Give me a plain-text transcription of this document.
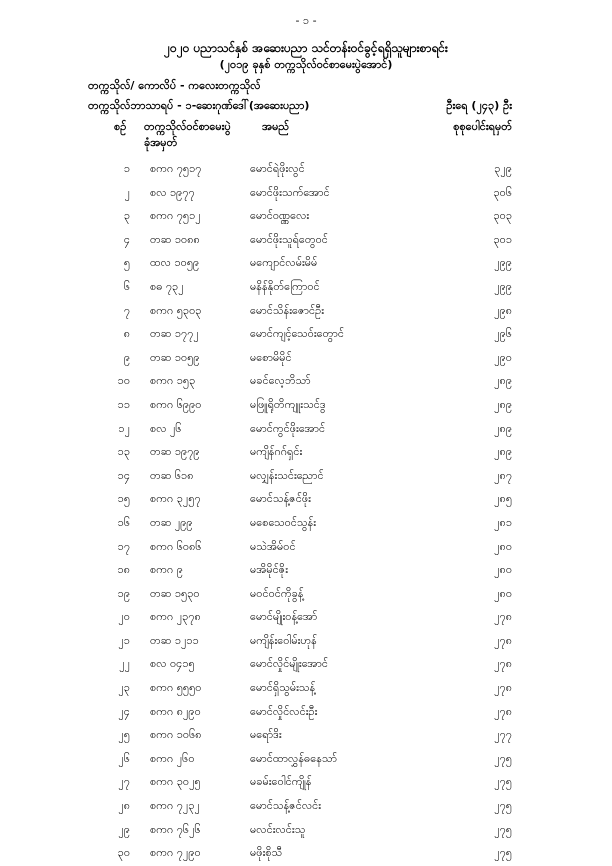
- ၁ -
၂၀၂၀ ပညာသင်နှစ် အဆေးပညာ သင်တန်းဝင်ခွင့်ရရှိသူများစာရင်း
(၂၀၁၉ ခုနှစ် တက္ကသိုလ်ဝင်စာမေးပွဲအောင်)
တက္ကသိုလ်/ ကောလိပ် - ကလေးတက္ကသိုလ်
တက္ကသိုလ်ဘာသာရပ် - ၁-ဆေးဂုဏ်ဒေါ်(အဆေးပညာ)	ဦးရေ (၂၄၃) ဦး
စဉ် တက္ကသိုလ်ဝင်စာမေးပွဲ
ခုံအမှတ်
အမည်	စုစုပေါင်းရမှတ်
၁ စကဂ ၇၅၁၇	မောင်ရဲဖိုးလွင်	၃၂၉
၂ စလ ၁၉၇၇	မောင်ဖိုးသက်အောင်	၃၀၆
၃ စကဂ ၇၅၁၂	မောင်ဝဏ္ဏလေး	၃၀၃
၄ တဆ ၁၀၈၈	မောင်ဖိုးသူရ်တွေဝင်	၃၀၁
၅ ထလ ၁၀၅၉	မကျောင်လမ်းမိမ်	၂၉၉
၆ စဓ ၇၃၂	မနိန်နိုတ်ကြောဝင်	၂၉၉
၇ စကဂ ၅၃၀၃	မောင်သိန်းဇောင်ဦး	၂၉၈
၈ တဆ ၁၇၇၂	မောင်ကျင့်သေဝ်းတွောင်	၂၉၆
၉ တဆ ၁၀၅၉	မစောမိမိုင်	၂၉၀
၁၀ စကဂ ၁၅၃	မခင်လေ့ဘိသာ်	၂၈၉
၁၁ စကဂ ၆၉၉၀	မဖြူရိုတိကျူးသင်ဒွ	၂၈၉
၁၂ စလ ၂၆	မောင်ကွင်ဖိုးအောင်	၂၈၉
၁၃ တဆ ၁၉၇၉	မကျိန်ဂဂ်ရှင်း	၂၈၉
၁၄ တဆ ၆၁၈	မလျှန်းသင်းညောင်	၂၈၇
၁၅ စကဂ ၃၂၅၇	မောင်သန့်ဇင်ဖိုး	၂၈၅
၁၆ တဆ ၂၉၉	မစေသေဝင်သွန်း	၂၈၁
၁၇ စကဂ ၆၀၈၆	မသဲအိမ်ဝင်	၂၈၀
၁၈ စကဂ ၉	မအိမိုင်ဇိုး	၂၈၀
၁၉ တဆ ၁၅၃၀	မဝင်ဝင်ကိုခွန့်	၂၈၀
၂၀ စကဂ ၂၃၇၈	မောင်မျိုးဝန့်အော်	၂၇၈
၂၁ တဆ ၁၂၁၁	မကျိန်းဝေါမ်းဟုန်	၂၇၈
၂၂ စလ ၀၄၁၅	မောင်လှိုင်မျိုးအောင်	၂၇၈
၂၃ စကဂ ၅၅၅၀	မောင်ရှိသွမ်းသန့်	၂၇၈
၂၄ စကဂ ၈၂၉၀	မောင်လှိုင်လင်းဦး	၂၇၈
၂၅ စကဂ ၁၀၆၈	မရော်ဒိး	၂၇၇
၂၆ စကဂ ၂၆၀	မောင်ထာလွှန်ဓနေသာ်	၂၇၅
၂၇ စကဂ ၃၀၂၅	မခမ်းဝေါင်ကျိုန်	၂၇၅
၂၈ စကဂ ၇၂၃၂	မောင်သန့်ဇင်လင်း	၂၇၅
၂၉ စကဂ ၇၆၂၆	မလင်းလင်းသူ	၂၇၅
၃၀ စကဂ ၇၂၉၀	မဖိုးစိုသီ	၂၇၅
